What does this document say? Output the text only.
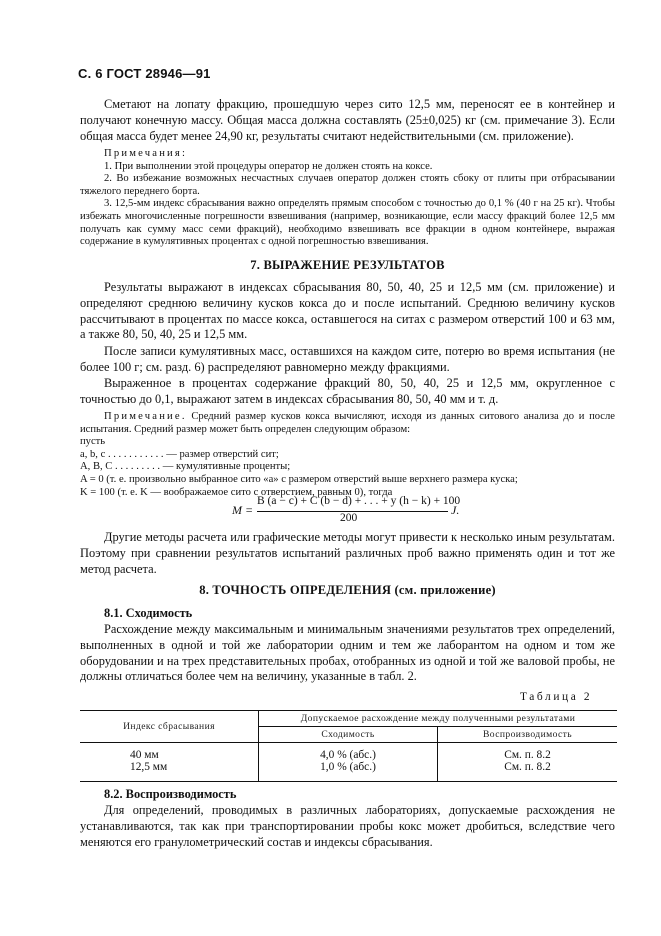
С. 6 ГОСТ 28946—91

Сметают на лопату фракцию, прошедшую через сито 12,5 мм, переносят ее в контейнер и получают конечную массу. Общая масса должна составлять (25±0,025) кг (см. примечание 3). Если общая масса будет менее 24,90 кг, результаты считают недействительными (см. приложение).

Примечания:
1. При выполнении этой процедуры оператор не должен стоять на коксе.
2. Во избежание возможных несчастных случаев оператор должен стоять сбоку от плиты при отбрасывании тяжелого переднего борта.
3. 12,5-мм индекс сбрасывания важно определять прямым способом с точностью до 0,1 % (40 г на 25 кг). Чтобы избежать многочисленные погрешности взвешивания (например, возникающие, если массу фракций более 12,5 мм получать как сумму масс семи фракций), необходимо взвешивать все фракции в одном контейнере, выражая содержание в кумулятивных процентах с одной погрешностью взвешивания.
7. ВЫРАЖЕНИЕ РЕЗУЛЬТАТОВ

Результаты выражают в индексах сбрасывания 80, 50, 40, 25 и 12,5 мм (см. приложение) и определяют среднюю величину кусков кокса до и после испытаний. Среднюю величину кусков рассчитывают в процентах по массе кокса, оставшегося на ситах с размером отверстий 100 и 63 мм, а также 80, 50, 40, 25 и 12,5 мм.

После записи кумулятивных масс, оставшихся на каждом сите, потерю во время испытания (не более 100 г; см. разд. 6) распределяют равномерно между фракциями.

Выраженное в процентах содержание фракций 80, 50, 40, 25 и 12,5 мм, округленное с точностью до 0,1, выражают затем в индексах сбрасывания 80, 50, 40 мм и т. д.

Примечание. Средний размер кусков кокса вычисляют, исходя из данных ситового анализа до и после испытания. Средний размер может быть определен следующим образом:
пусть
a, b, c . . . . . . . . . . . — размер отверстий сит;
A, B, C . . . . . . . . . — кумулятивные проценты;
A = 0 (т. е. произвольно выбранное сито «a» с размером отверстий выше верхнего размера куска;
K = 100 (т. е. K — воображаемое сито с отверстием, равным 0), тогда
M =
B (a − c) + C (b − d) + . . . + y (h − k) + 100
200
J.

Другие методы расчета или графические методы могут привести к несколько иным результатам. Поэтому при сравнении результатов испытаний различных проб важно применять один и тот же метод расчета.

8. ТОЧНОСТЬ ОПРЕДЕЛЕНИЯ (см. приложение)
8.1. Сходимость

Расхождение между максимальным и минимальным значениями результатов трех определений, выполненных в одной и той же лаборатории одним и тем же лаборантом на одном и том же оборудовании и на трех представительных пробах, отобранных из одной и той же валовой пробы, не должны отличаться более чем на величину, указанные в табл. 2.

Таблица 2
Индекс сбрасывания	Допускаемое расхождение между полученными результатами	
	Сходимость	Воспроизводимость
40 мм	4,0 % (абс.)	См. п. 8.2
12,5 мм	1,0 % (абс.)	См. п. 8.2
8.2. Воспроизводимость

Для определений, проводимых в различных лабораториях, допускаемые расхождения не устанавливаются, так как при транспортировании пробы кокс может дробиться, вследствие чего меняются его гранулометрический состав и индексы сбрасывания.
